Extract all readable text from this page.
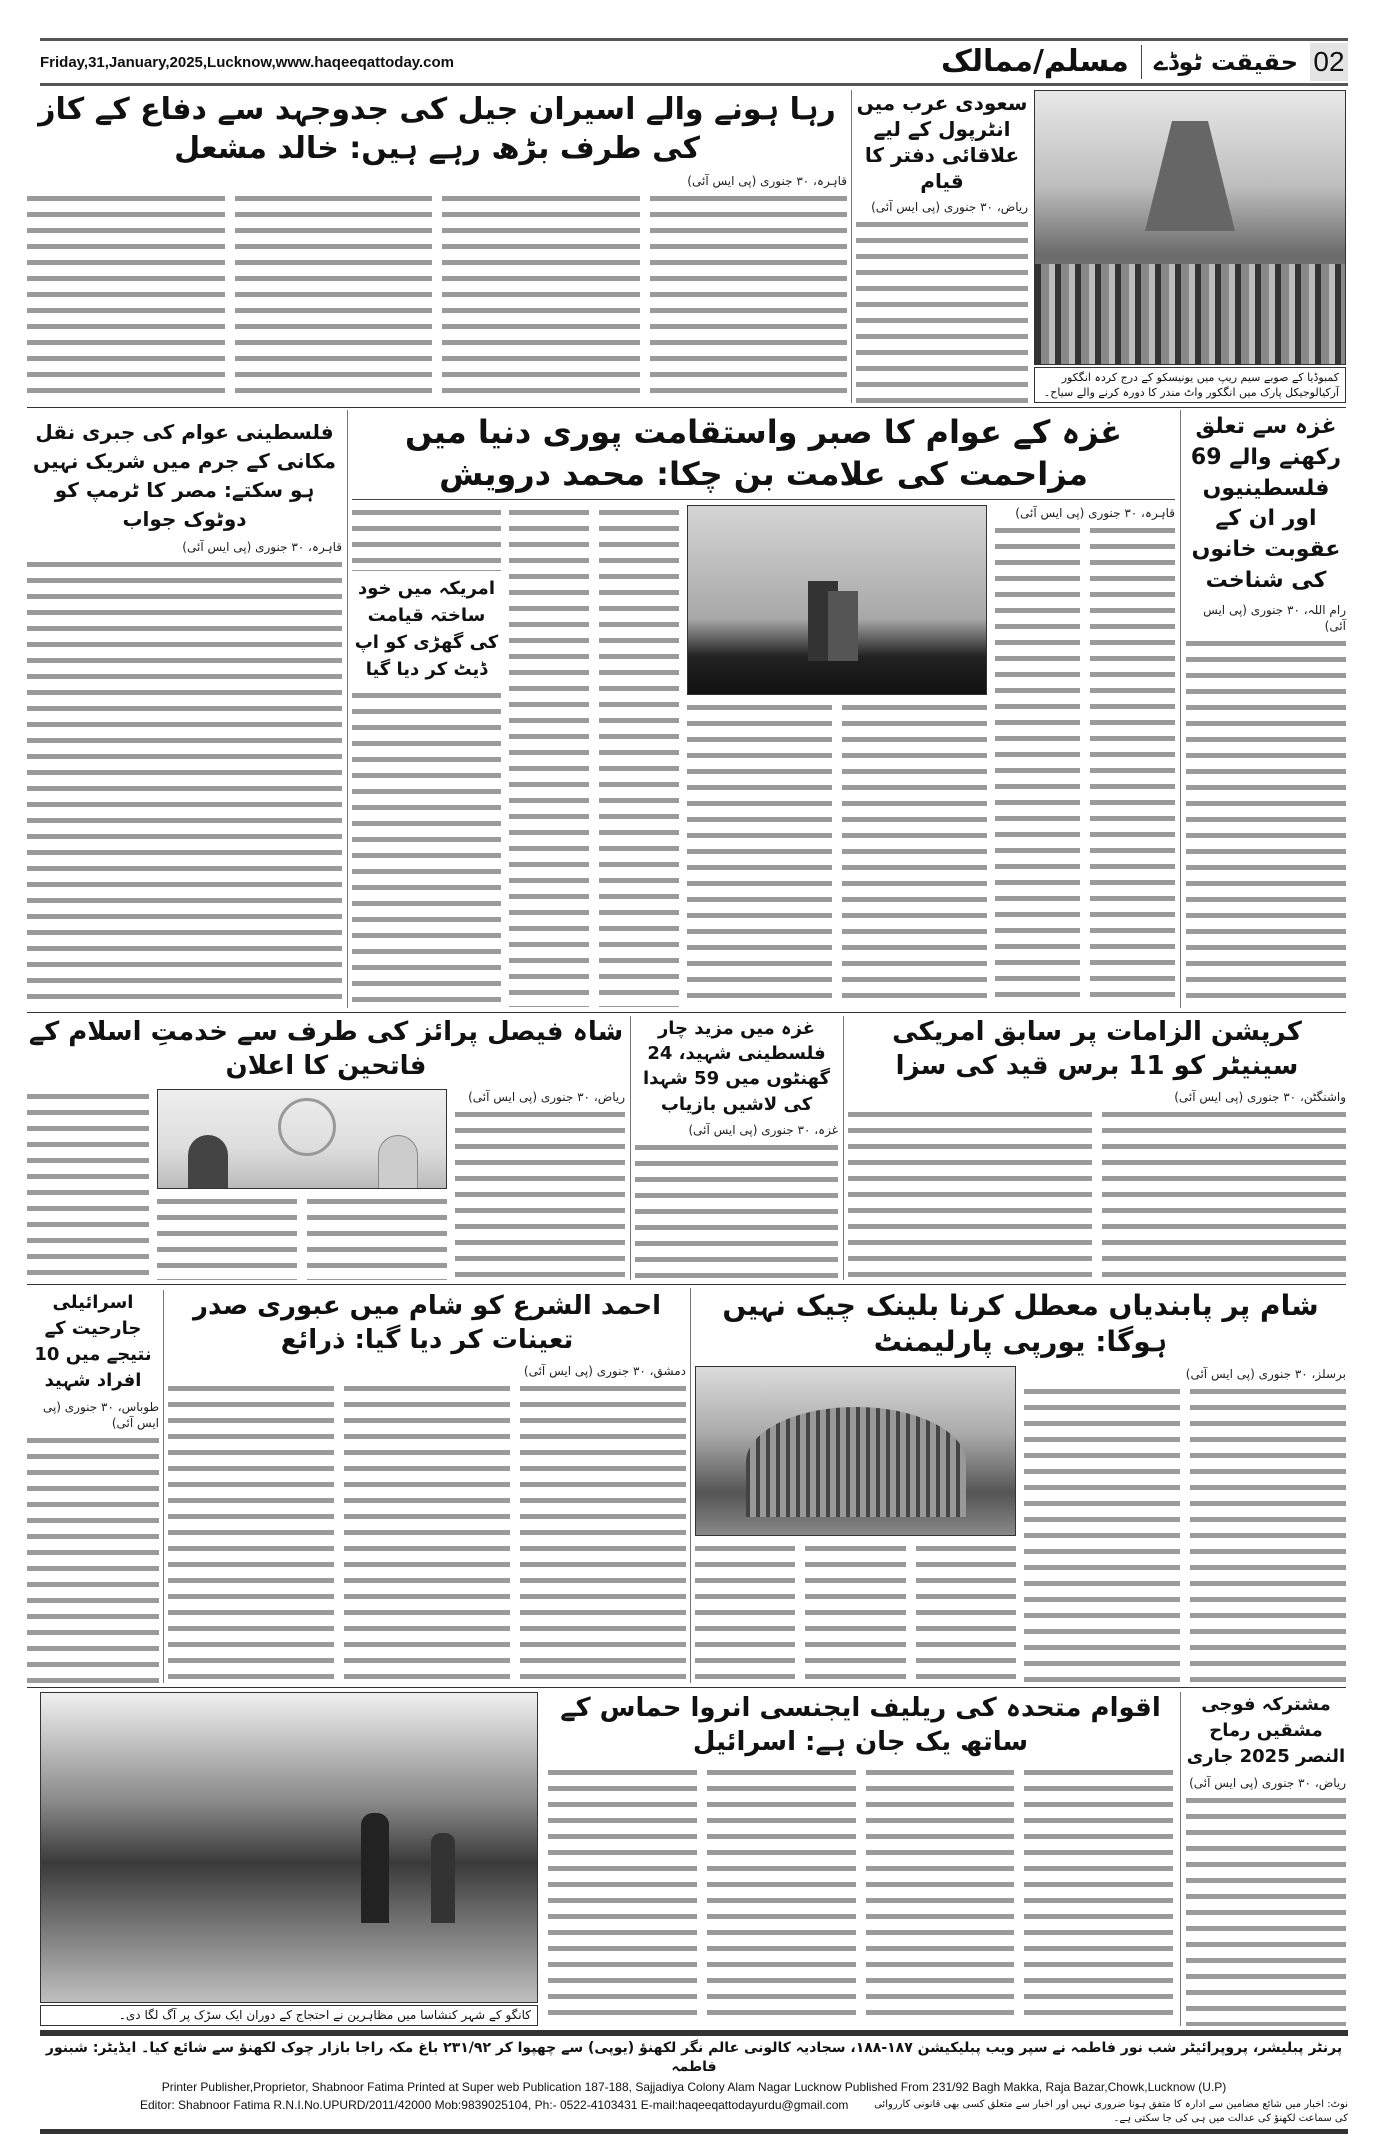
Friday,31,January,2025,Lucknow,www.haqeeqattoday.com	مسلم/ممالک	حقیقت ٹوڈے 02
رہا ہونے والے اسیران جیل کی جدوجہد سے دفاع کے کاز کی طرف بڑھ رہے ہیں: خالد مشعل
قاہرہ، ۳۰ جنوری (پی ایس آئی)
سعودی عرب میں انٹرپول کے لیے علاقائی دفتر کا قیام
ریاض، ۳۰ جنوری (پی ایس آئی)
کمبوڈیا کے صوبے سیم ریپ میں یونیسکو کے درج کردہ انگکور آرکیالوجیکل پارک میں انگکور واٹ مندر کا دورہ کرنے والے سیاح۔
غزہ سے تعلق رکھنے والے 69 فلسطینیوں اور ان کے عقوبت خانوں کی شناخت
رام اللہ، ۳۰ جنوری (پی ایس آئی)
غزہ کے عوام کا صبر واستقامت پوری دنیا میں مزاحمت کی علامت بن چکا: محمد درویش
قاہرہ، ۳۰ جنوری (پی ایس آئی)
امریکہ میں خود ساختہ قیامت کی گھڑی کو اپ ڈیٹ کر دیا گیا
فلسطینی عوام کی جبری نقل مکانی کے جرم میں شریک نہیں ہو سکتے: مصر کا ٹرمپ کو دوٹوک جواب
قاہرہ، ۳۰ جنوری (پی ایس آئی)
کرپشن الزامات پر سابق امریکی سینیٹر کو 11 برس قید کی سزا
واشنگٹن، ۳۰ جنوری (پی ایس آئی)
غزہ میں مزید چار فلسطینی شہید، 24 گھنٹوں میں 59 شہدا کی لاشیں بازیاب
غزہ، ۳۰ جنوری (پی ایس آئی)
شاہ فیصل پرائز کی طرف سے خدمتِ اسلام کے فاتحین کا اعلان
ریاض، ۳۰ جنوری (پی ایس آئی)
شام پر پابندیاں معطل کرنا بلینک چیک نہیں ہوگا: یورپی پارلیمنٹ
برسلز، ۳۰ جنوری (پی ایس آئی)
احمد الشرع کو شام میں عبوری صدر تعینات کر دیا گیا: ذرائع
دمشق، ۳۰ جنوری (پی ایس آئی)
اسرائیلی جارحیت کے نتیجے میں 10 افراد شہید
طوباس، ۳۰ جنوری (پی ایس آئی)
کانگو کے شہر کنشاسا میں مظاہرین نے احتجاج کے دوران ایک سڑک پر آگ لگا دی۔
اقوام متحدہ کی ریلیف ایجنسی انروا حماس کے ساتھ یک جان ہے: اسرائیل
مشترکہ فوجی مشقیں رماح النصر 2025 جاری
ریاض، ۳۰ جنوری (پی ایس آئی)
پرنٹر پبلیشر، پروپرائیٹر شب نور فاطمہ نے سپر ویب پبلیکیشن ۱۸۷-۱۸۸، سجادیہ کالونی عالم نگر لکھنؤ (یوپی) سے چھپوا کر ۲۳۱/۹۲ باغ مکہ راجا بازار چوک لکھنؤ سے شائع کیا۔ ایڈیٹر: شبنور فاطمہ
Printer Publisher,Proprietor, Shabnoor Fatima Printed at Super web Publication 187-188, Sajjadiya Colony Alam Nagar Lucknow Published From 231/92 Bagh Makka, Raja Bazar,Chowk,Lucknow (U.P)
Editor: Shabnoor Fatima R.N.I.No.UPURD/2011/42000 Mob:9839025104, Ph:- 0522-4103431 E-mail:haqeeqattodayurdu@gmail.com	نوٹ: اخبار میں شائع مضامین سے ادارہ کا متفق ہونا ضروری نہیں اور اخبار سے متعلق کسی بھی قانونی کارروائی کی سماعت لکھنؤ کی عدالت میں ہی کی جا سکتی ہے۔
